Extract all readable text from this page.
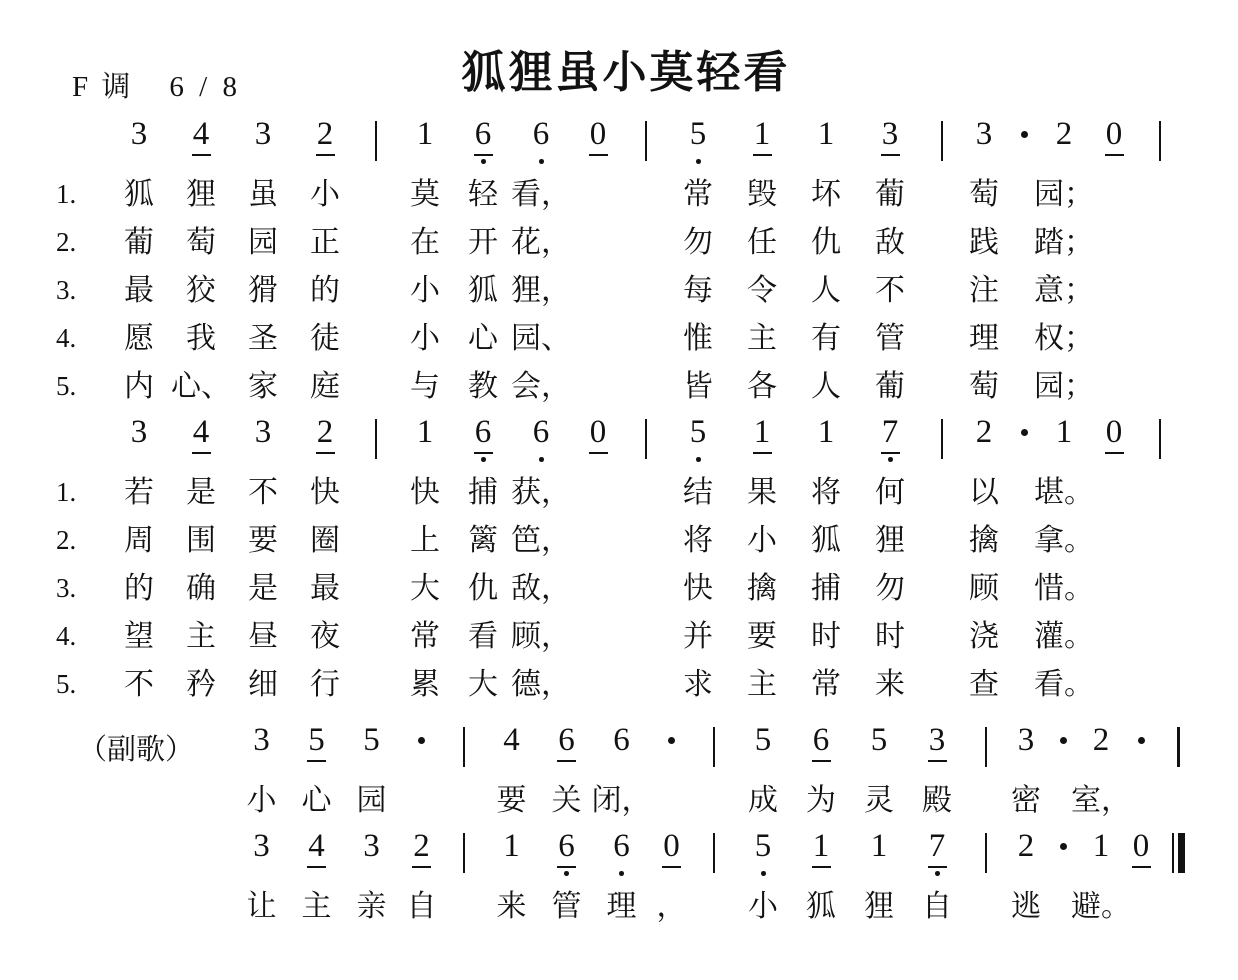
F 调 6 / 8	狐狸虽小莫轻看
3 4 3 2	1 6 6 0	5 1 1 3 3 2 0
1. 狐 狸 虽 小 莫 轻 看，	常 毁 坏 葡 萄 园；
2. 葡 萄 园 正 在 开 花，	勿 任 仇 敌 践 踏；
3. 最 狡 猾 的 小 狐 狸，	每 令 人 不 注 意；
4. 愿 我 圣 徒 小 心 园、	惟 主 有 管 理 权；
5. 内 心、 家 庭 与 教 会，	皆 各 人 葡 萄 园；
3 4 3 2	1 6 6 0	5 1 1 7 2 1 0
1. 若 是 不 快 快 捕 获，	结 果 将 何 以 堪。
2. 周 围 要 圈 上 篱 笆，	将 小 狐 狸 擒 拿。
3. 的 确 是 最 大 仇 敌，	快 擒 捕 勿 顾 惜。
4. 望 主 昼 夜 常 看 顾，	并 要 时 时 浇 灌。
5. 不 矜 细 行 累 大 德，	求 主 常 来 查 看。
（副歌） 3 5 5	4 6 6	5 6 5 3 3 2
小 心 园	要 关 闭，	成 为 灵 殿 密 室，
3 4 3 2 1 6 6 0 5 1 1 7 2 1 0
让 主 亲 自 来 管 理 ， 小 狐 狸 自 逃 避。
